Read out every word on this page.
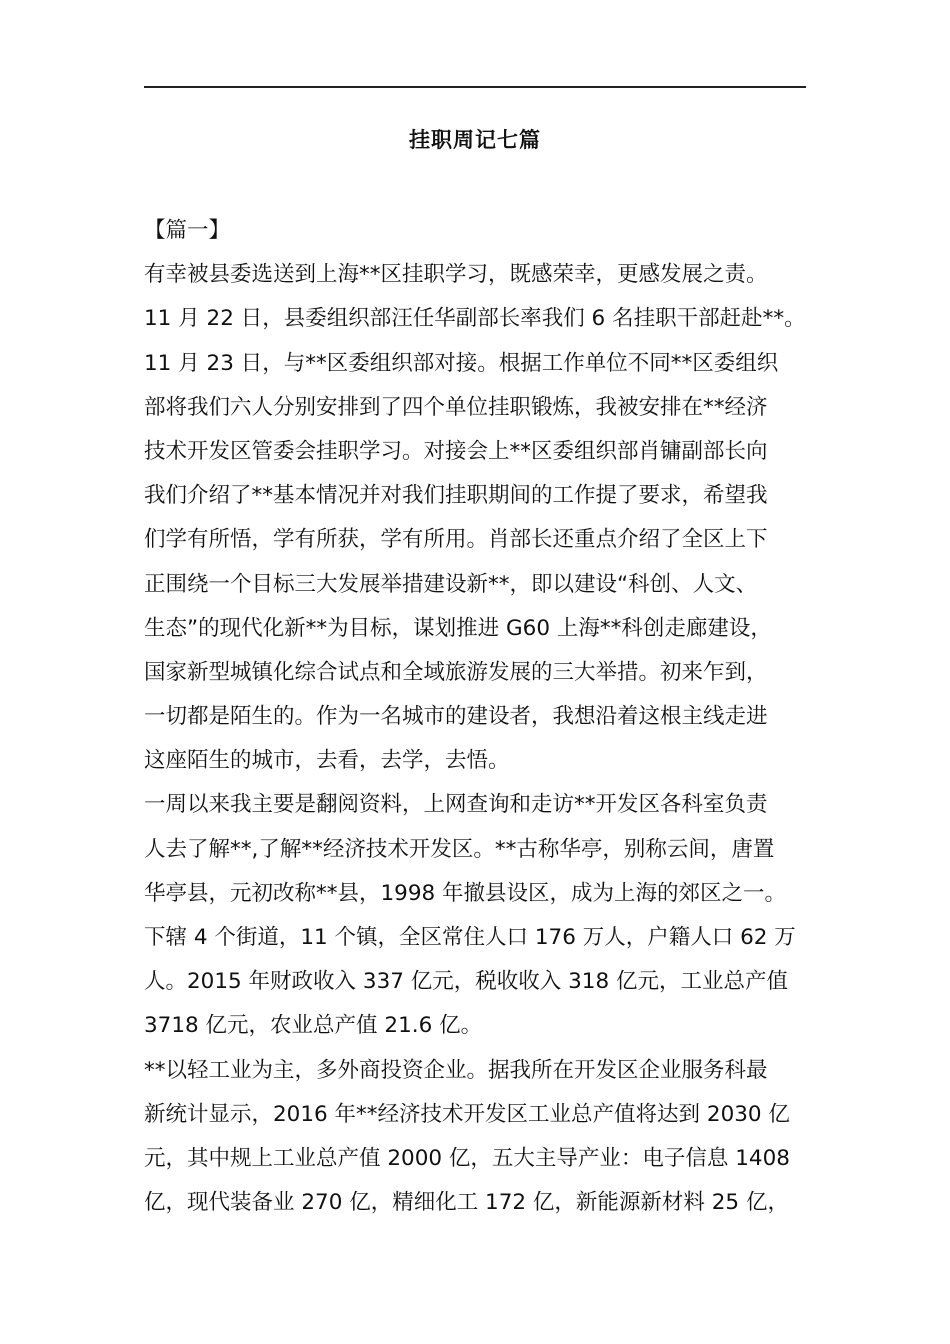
挂职周记七篇
【篇一】
有幸被县委选送到上海**区挂职学习，既感荣幸，更感发展之责。
11 月 22 日，县委组织部汪任华副部长率我们 6 名挂职干部赶赴**。
11 月 23 日，与**区委组织部对接。根据工作单位不同**区委组织
部将我们六人分别安排到了四个单位挂职锻炼，我被安排在**经济
技术开发区管委会挂职学习。对接会上**区委组织部肖镛副部长向
我们介绍了**基本情况并对我们挂职期间的工作提了要求，希望我
们学有所悟，学有所获，学有所用。肖部长还重点介绍了全区上下
正围绕一个目标三大发展举措建设新**，即以建设“科创、人文、
生态”的现代化新**为目标，谋划推进 G60 上海**科创走廊建设，
国家新型城镇化综合试点和全域旅游发展的三大举措。初来乍到，
一切都是陌生的。作为一名城市的建设者，我想沿着这根主线走进
这座陌生的城市，去看，去学，去悟。
一周以来我主要是翻阅资料，上网查询和走访**开发区各科室负责
人去了解**,了解**经济技术开发区。**古称华亭，别称云间，唐置
华亭县，元初改称**县，1998 年撤县设区，成为上海的郊区之一。
下辖 4 个街道，11 个镇，全区常住人口 176 万人，户籍人口 62 万
人。2015 年财政收入 337 亿元，税收收入 318 亿元，工业总产值
3718 亿元，农业总产值 21.6 亿。
**以轻工业为主，多外商投资企业。据我所在开发区企业服务科最
新统计显示，2016 年**经济技术开发区工业总产值将达到 2030 亿
元，其中规上工业总产值 2000 亿，五大主导产业：电子信息 1408
亿，现代装备业 270 亿，精细化工 172 亿，新能源新材料 25 亿，
